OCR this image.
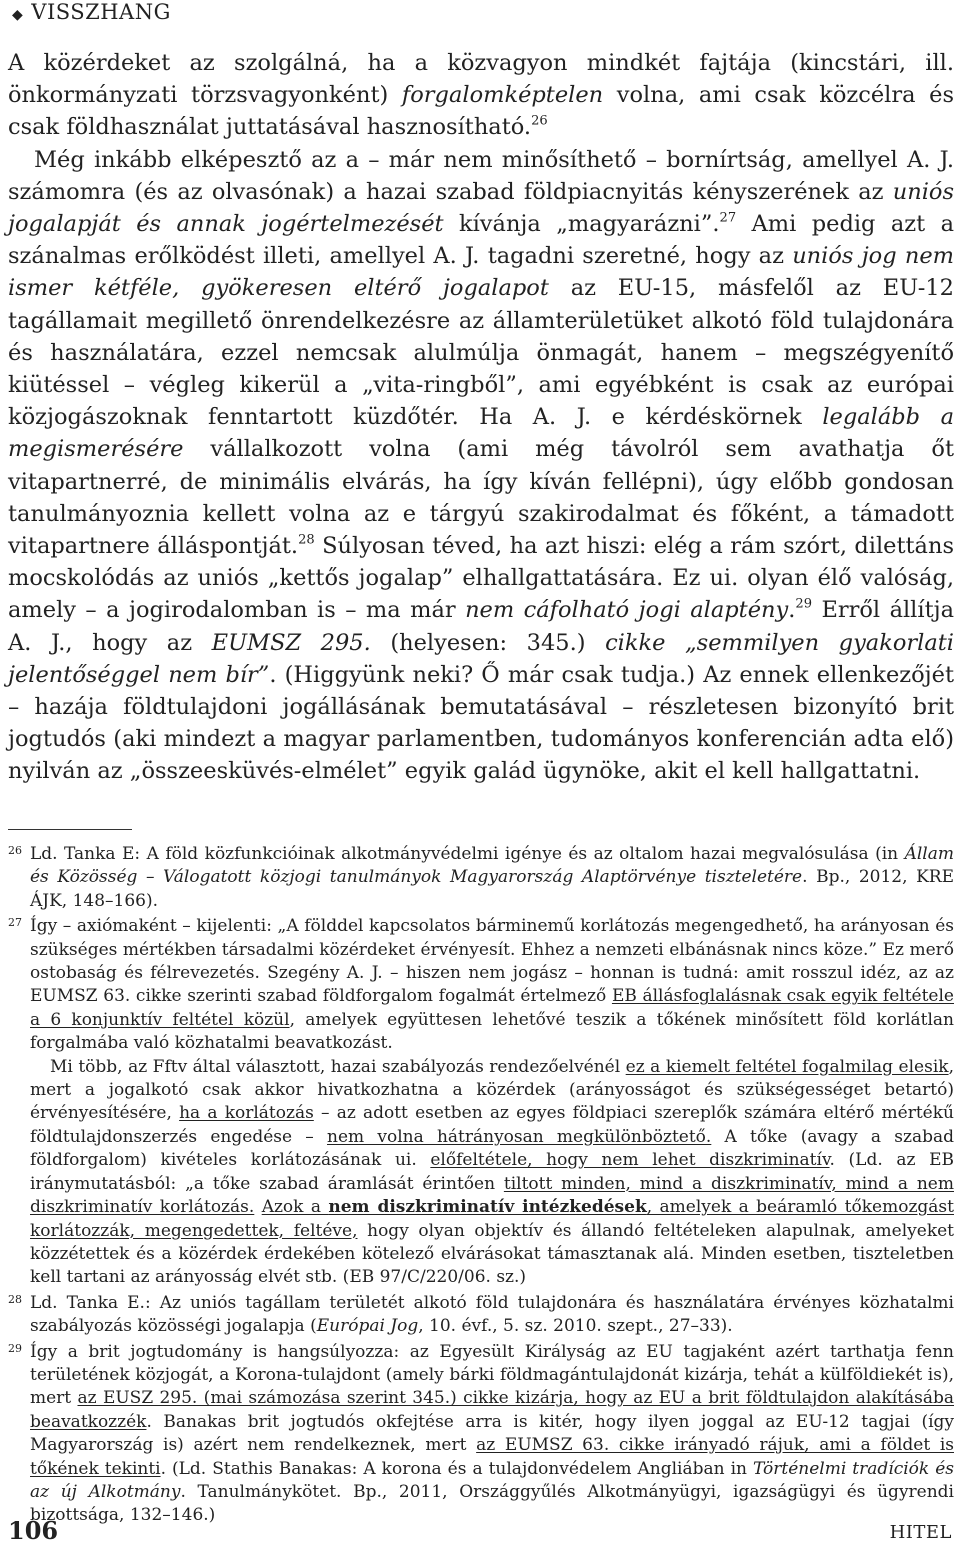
◆ VISSZHANG

A közérdeket az szolgálná, ha a közvagyon mindkét fajtája (kincstári, ill. önkormányzati törzsvagyonként) forgalomképtelen volna, ami csak közcélra és csak földhasználat juttatásával hasznosítható.$^{26}$

Még inkább elképesztő az a – már nem minősíthető – bornírtság, amellyel A. J. számomra (és az olvasónak) a hazai szabad földpiacnyitás kényszerének az uniós jogalapját és annak jogértelmezését kívánja „magyarázni”.$^{27}$ Ami pedig azt a szánalmas erőlködést illeti, amellyel A. J. tagadni szeretné, hogy az uniós jog nem ismer kétféle, gyökeresen eltérő jogalapot az EU-15, másfelől az EU-12 tagállamait megillető önrendelkezésre az államterületüket alkotó föld tulajdonára és használatára, ezzel nemcsak alulmúlja önmagát, hanem – megszégyenítő kiütéssel – végleg kikerül a „vita-ringből”, ami egyébként is csak az európai közjogászoknak fenntartott küzdőtér. Ha A. J. e kérdéskörnek legalább a megismerésére vállalkozott volna (ami még távolról sem avathatja őt vitapartnerré, de minimális elvárás, ha így kíván fellépni), úgy előbb gondosan tanulmányoznia kellett volna az e tárgyú szakirodalmat és főként, a támadott vitapartnere álláspontját.$^{28}$ Súlyosan téved, ha azt hiszi: elég a rám szórt, dilettáns mocskolódás az uniós „kettős jogalap” elhallgattatására. Ez ui. olyan élő valóság, amely – a jogirodalomban is – ma már nem cáfolható jogi alaptény.$^{29}$ Erről állítja A. J., hogy az EUMSZ 295. (helyesen: 345.) cikke „semmilyen gyakorlati jelentőséggel nem bír”. (Higgyünk neki? Ő már csak tudja.) Az ennek ellenkezőjét – hazája földtulajdoni jogállásának bemutatásával – részletesen bizonyító brit jogtudós (aki mindezt a magyar parlamentben, tudományos konferencián adta elő) nyilván az „összeesküvés-elmélet” egyik galád ügynöke, akit el kell hallgattatni.

26 Ld. Tanka E: A föld közfunkcióinak alkotmányvédelmi igénye és az oltalom hazai megvalósulása (in Állam és Közösség – Válogatott közjogi tanulmányok Magyarország Alaptörvénye tiszteletére. Bp., 2012, KRE ÁJK, 148–166).

27 Így – axiómaként – kijelenti: „A földdel kapcsolatos bárminemű korlátozás megengedhető, ha arányosan és szükséges mértékben társadalmi közérdeket érvényesít. Ehhez a nemzeti elbánásnak nincs köze.” Ez merő ostobaság és félrevezetés. Szegény A. J. – hiszen nem jogász – honnan is tudná: amit rosszul idéz, az az EUMSZ 63. cikke szerinti szabad földforgalom fogalmát értelmező EB állásfoglalásnak csak egyik feltétele a 6 konjunktív feltétel közül, amelyek együttesen lehetővé teszik a tőkének minősített föld korlátlan forgalmába való közhatalmi beavatkozást.

Mi több, az Fftv által választott, hazai szabályozás rendezőelvénél ez a kiemelt feltétel fogalmilag elesik, mert a jogalkotó csak akkor hivatkozhatna a közérdek (arányosságot és szükségességet betartó) érvényesítésére, ha a korlátozás – az adott esetben az egyes földpiaci szereplők számára eltérő mértékű földtulajdonszerzés engedése – nem volna hátrányosan megkülönböztető. A tőke (avagy a szabad földforgalom) kivételes korlátozásának ui. előfeltétele, hogy nem lehet diszkriminatív. (Ld. az EB iránymutatásból: „a tőke szabad áramlását érintően tiltott minden, mind a diszkriminatív, mind a nem diszkriminatív korlátozás. Azok a nem diszkriminatív intézkedések, amelyek a beáramló tőkemozgást korlátozzák, megengedettek, feltéve, hogy olyan objektív és állandó feltételeken alapulnak, amelyeket közzétettek és a közérdek érdekében kötelező elvárásokat támasztanak alá. Minden esetben, tiszteletben kell tartani az arányosság elvét stb. (EB 97/C/220/06. sz.)

28 Ld. Tanka E.: Az uniós tagállam területét alkotó föld tulajdonára és használatára érvényes közhatalmi szabályozás közösségi jogalapja (Európai Jog, 10. évf., 5. sz. 2010. szept., 27–33).

29 Így a brit jogtudomány is hangsúlyozza: az Egyesült Királyság az EU tagjaként azért tarthatja fenn területének közjogát, a Korona-tulajdont (amely bárki földmagántulajdonát kizárja, tehát a külföldiekét is), mert az EUSZ 295. (mai számozása szerint 345.) cikke kizárja, hogy az EU a brit földtulajdon alakításába beavatkozzék. Banakas brit jogtudós okfejtése arra is kitér, hogy ilyen joggal az EU-12 tagjai (így Magyarország is) azért nem rendelkeznek, mert az EUMSZ 63. cikke irányadó rájuk, ami a földet is tőkének tekinti. (Ld. Stathis Banakas: A korona és a tulajdonvédelem Angliában in Történelmi tradíciók és az új Alkotmány. Tanulmánykötet. Bp., 2011, Országgyűlés Alkotmányügyi, igazságügyi és ügyrendi bizottsága, 132–146.)

106	HITEL
